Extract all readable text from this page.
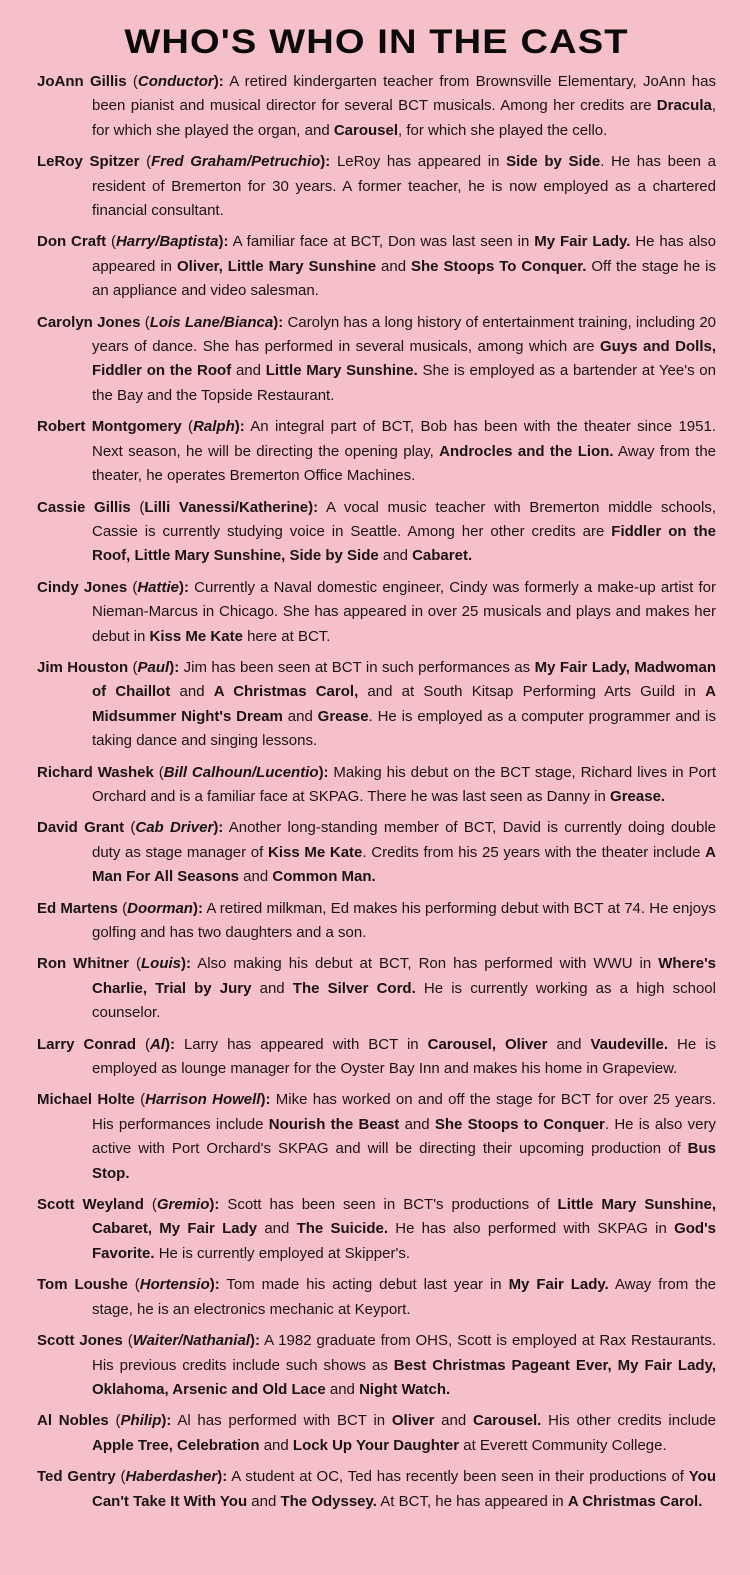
WHO'S WHO IN THE CAST

JoAnn Gillis (Conductor): A retired kindergarten teacher from Brownsville Elementary, JoAnn has been pianist and musical director for several BCT musicals. Among her credits are Dracula, for which she played the organ, and Carousel, for which she played the cello.

LeRoy Spitzer (Fred Graham/Petruchio): LeRoy has appeared in Side by Side. He has been a resident of Bremerton for 30 years. A former teacher, he is now employed as a chartered financial consultant.

Don Craft (Harry/Baptista): A familiar face at BCT, Don was last seen in My Fair Lady. He has also appeared in Oliver, Little Mary Sunshine and She Stoops To Conquer. Off the stage he is an appliance and video salesman.

Carolyn Jones (Lois Lane/Bianca): Carolyn has a long history of entertainment training, including 20 years of dance. She has performed in several musicals, among which are Guys and Dolls, Fiddler on the Roof and Little Mary Sunshine. She is employed as a bartender at Yee's on the Bay and the Topside Restaurant.

Robert Montgomery (Ralph): An integral part of BCT, Bob has been with the theater since 1951. Next season, he will be directing the opening play, Androcles and the Lion. Away from the theater, he operates Bremerton Office Machines.

Cassie Gillis (Lilli Vanessi/Katherine): A vocal music teacher with Bremerton middle schools, Cassie is currently studying voice in Seattle. Among her other credits are Fiddler on the Roof, Little Mary Sunshine, Side by Side and Cabaret.

Cindy Jones (Hattie): Currently a Naval domestic engineer, Cindy was formerly a make-up artist for Nieman-Marcus in Chicago. She has appeared in over 25 musicals and plays and makes her debut in Kiss Me Kate here at BCT.

Jim Houston (Paul): Jim has been seen at BCT in such performances as My Fair Lady, Madwoman of Chaillot and A Christmas Carol, and at South Kitsap Performing Arts Guild in A Midsummer Night's Dream and Grease. He is employed as a computer programmer and is taking dance and singing lessons.

Richard Washek (Bill Calhoun/Lucentio): Making his debut on the BCT stage, Richard lives in Port Orchard and is a familiar face at SKPAG. There he was last seen as Danny in Grease.

David Grant (Cab Driver): Another long-standing member of BCT, David is currently doing double duty as stage manager of Kiss Me Kate. Credits from his 25 years with the theater include A Man For All Seasons and Common Man.

Ed Martens (Doorman): A retired milkman, Ed makes his performing debut with BCT at 74. He enjoys golfing and has two daughters and a son.

Ron Whitner (Louis): Also making his debut at BCT, Ron has performed with WWU in Where's Charlie, Trial by Jury and The Silver Cord. He is currently working as a high school counselor.

Larry Conrad (Al): Larry has appeared with BCT in Carousel, Oliver and Vaudeville. He is employed as lounge manager for the Oyster Bay Inn and makes his home in Grapeview.

Michael Holte (Harrison Howell): Mike has worked on and off the stage for BCT for over 25 years. His performances include Nourish the Beast and She Stoops to Conquer. He is also very active with Port Orchard's SKPAG and will be directing their upcoming production of Bus Stop.

Scott Weyland (Gremio): Scott has been seen in BCT's productions of Little Mary Sunshine, Cabaret, My Fair Lady and The Suicide. He has also performed with SKPAG in God's Favorite. He is currently employed at Skipper's.

Tom Loushe (Hortensio): Tom made his acting debut last year in My Fair Lady. Away from the stage, he is an electronics mechanic at Keyport.

Scott Jones (Waiter/Nathanial): A 1982 graduate from OHS, Scott is employed at Rax Restaurants. His previous credits include such shows as Best Christmas Pageant Ever, My Fair Lady, Oklahoma, Arsenic and Old Lace and Night Watch.

Al Nobles (Philip): Al has performed with BCT in Oliver and Carousel. His other credits include Apple Tree, Celebration and Lock Up Your Daughter at Everett Community College.

Ted Gentry (Haberdasher): A student at OC, Ted has recently been seen in their productions of You Can't Take It With You and The Odyssey. At BCT, he has appeared in A Christmas Carol.
